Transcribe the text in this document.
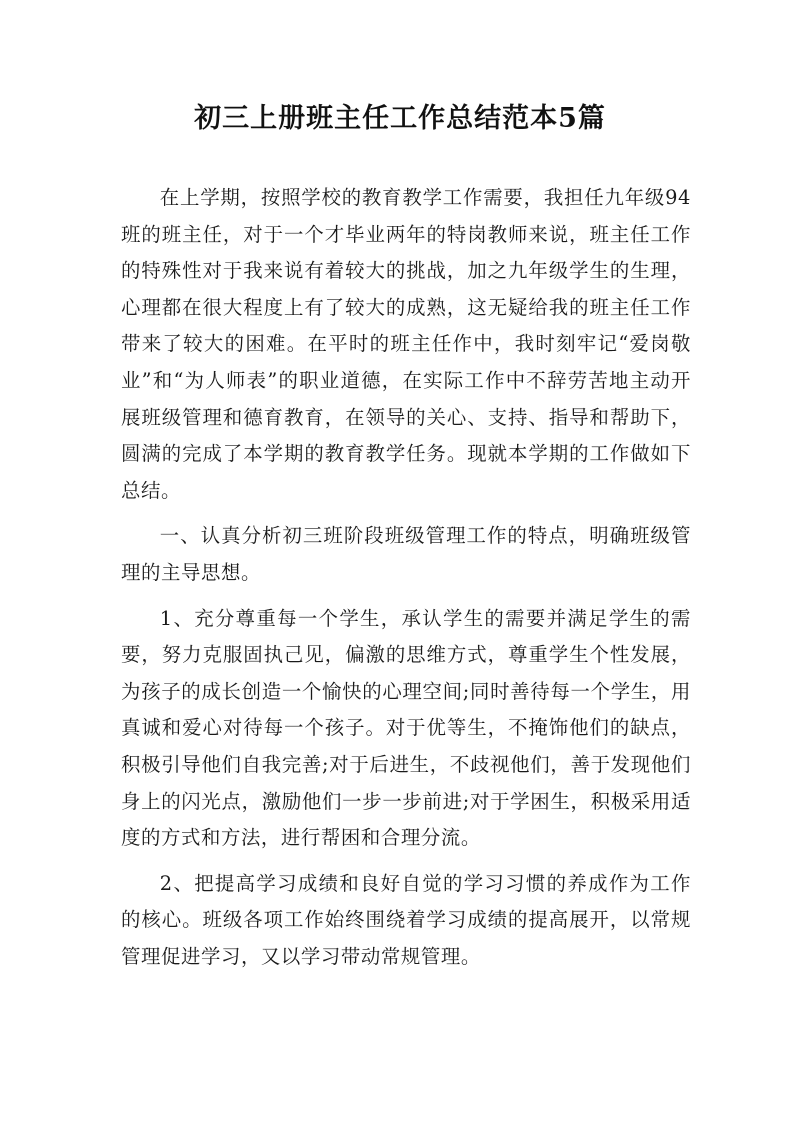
初三上册班主任工作总结范本5篇

在上学期，按照学校的教育教学工作需要，我担任九年级94班的班主任，对于一个才毕业两年的特岗教师来说，班主任工作的特殊性对于我来说有着较大的挑战，加之九年级学生的生理，心理都在很大程度上有了较大的成熟，这无疑给我的班主任工作带来了较大的困难。在平时的班主任作中，我时刻牢记“爱岗敬业”和“为人师表”的职业道德，在实际工作中不辞劳苦地主动开展班级管理和德育教育，在领导的关心、支持、指导和帮助下，圆满的完成了本学期的教育教学任务。现就本学期的工作做如下总结。

一、认真分析初三班阶段班级管理工作的特点，明确班级管理的主导思想。

1、充分尊重每一个学生，承认学生的需要并满足学生的需要，努力克服固执己见，偏激的思维方式，尊重学生个性发展，为孩子的成长创造一个愉快的心理空间;同时善待每一个学生，用真诚和爱心对待每一个孩子。对于优等生，不掩饰他们的缺点，积极引导他们自我完善;对于后进生，不歧视他们，善于发现他们身上的闪光点，激励他们一步一步前进;对于学困生，积极采用适度的方式和方法，进行帮困和合理分流。

2、把提高学习成绩和良好自觉的学习习惯的养成作为工作的核心。班级各项工作始终围绕着学习成绩的提高展开，以常规管理促进学习，又以学习带动常规管理。
